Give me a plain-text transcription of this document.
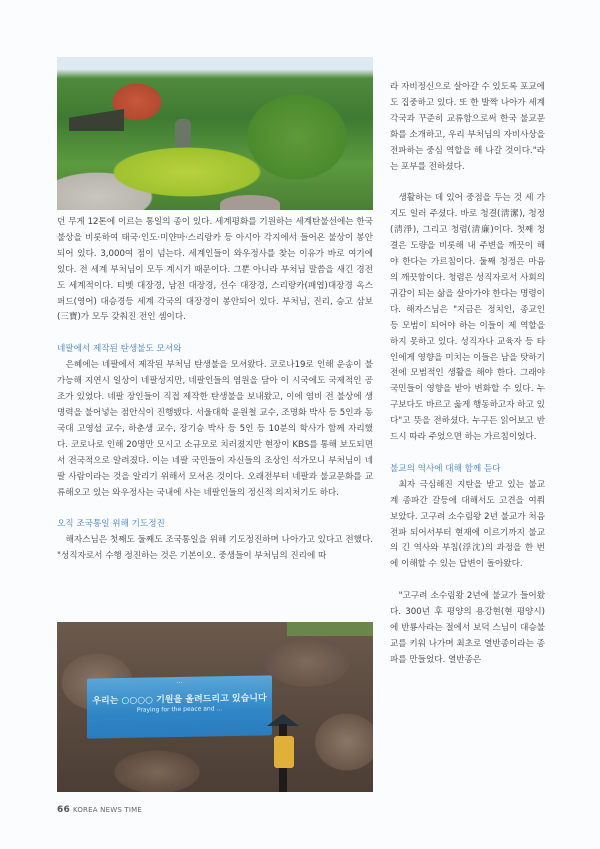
던 무게 12톤에 이르는 통일의 종이 있다. 세계평화를 기원하는 세계탄불선에는 한국 불상을 비롯하여 태국·인도·미얀마·스리랑카 등 아시아 각지에서 들어온 불상이 봉안되어 있다. 3,000여 점이 넘는다. 세계인들이 와우정사를 찾는 이유가 바로 여기에 있다. 전 세계 부처님이 모두 계시기 때문이다. 그뿐 아니라 부처님 말씀을 새긴 경전도 세계적이다. 티벳 대장경, 남전 대장경, 선수 대장경, 스리랑카(패엽)대장경 옥스퍼드(영어) 대승경등 세계 각국의 대장경이 봉안되어 있다. 부처님, 진리, 승고 삼보(三寶)가 모두 갖춰진 전인 셈이다.

네팔에서 제작된 탄생불도 모셔와

은혜에는 네팔에서 제작된 부처님 탄생불을 모셔왔다. 코로나19로 인해 운송이 불가능해 지연시 일상이 네팔성지만, 네팔인들의 염원을 담아 이 시국에도 국제적인 공조가 있었다. 네팔 장인들이 직접 제작한 탄생불을 보내왔고, 이에 염비 전 불상에 생명력을 불어넣는 점안식이 진행됐다. 서울대학 윤원철 교수, 조명화 박사 등 5인과 동국대 고영섭 교수, 하춘생 교수, 장기승 박사 등 5인 등 10분의 학사가 함께 자리했다. 코로나로 인해 20명만 모시고 소규모로 치러졌지만 현장이 KBS를 통해 보도되면서 전국적으로 알려졌다. 이는 네팔 국민들이 자신들의 조상인 석가모니 부처님이 네팔 사람이라는 것을 알리기 위해서 모셔온 것이다. 오래전부터 네팔과 불교문화를 교류해오고 있는 와우정사는 국내에 사는 네팔인들의 정신적 의지처기도 하다.

오직 조국통일 위해 기도정진

해자스님은 첫째도 둘째도 조국통일을 위해 기도정진하며 나아가고 있다고 전했다. "성직자로서 수행 정진하는 것은 기본이오. 중생들이 부처님의 진리에 따

...
우리는 ○○○○ 기원을 올려드리고 있습니다
Praying for the peace and ...

라 자비정신으로 살아갈 수 있도록 포교에도 집중하고 있다. 또 한 발짝 나아가 세계 각국과 꾸준히 교류함으로써 한국 불교문화를 소개하고, 우리 부처님의 자비사상을 전파하는 중심 역할을 해 나갈 것이다."라는 포부를 전하셨다.

생활하는 데 있어 중점을 두는 것 세 가지도 일러 주셨다. 바로 청결(淸潔), 청정(淸淨), 그리고 청렴(淸廉)이다. 첫째 청결은 도량을 비롯해 내 주변을 깨끗이 해야 한다는 가르침이다. 둘째 청정은 마음의 깨끗함이다. 청렴은 성직자로서 사회의 귀감이 되는 삶을 살아가야 한다는 명령이다. 해자스님은 "지금은 정치인, 종교인 등 모범이 되어야 하는 이들이 제 역할을 하지 못하고 있다. 성직자나 교육자 등 타인에게 영향을 미치는 이들은 남을 탓하기 전에 모범적인 생활을 해야 한다. 그래야 국민들이 영향을 받아 변화할 수 있다. 누구보다도 바르고 옳게 행동하고자 하고 있다"고 뜻을 전하셨다. 누구든 읽어보고 반드시 따라 주었으면 하는 가르침이었다.

불교의 역사에 대해 함께 듣다

최자 극심해진 지탄을 받고 있는 불교계 종파간 갈등에 대해서도 고견을 여쭤 보았다. 고구려 소수림왕 2년 불교가 처음 전파 되어서부터 현재에 이르기까지 불교의 긴 역사와 부침(浮沈)의 과정을 한 번에 이해할 수 있는 답변이 돌아왔다.

"고구려 소수림왕 2년에 불교가 들어왔다. 300년 후 평양의 용강현(현 평양시)에 반룡사라는 절에서 보덕 스님이 대승불교를 키워 나가며 최초로 열반종이라는 종파를 만들었다. 열반종은

66 KOREA NEWS TIME
